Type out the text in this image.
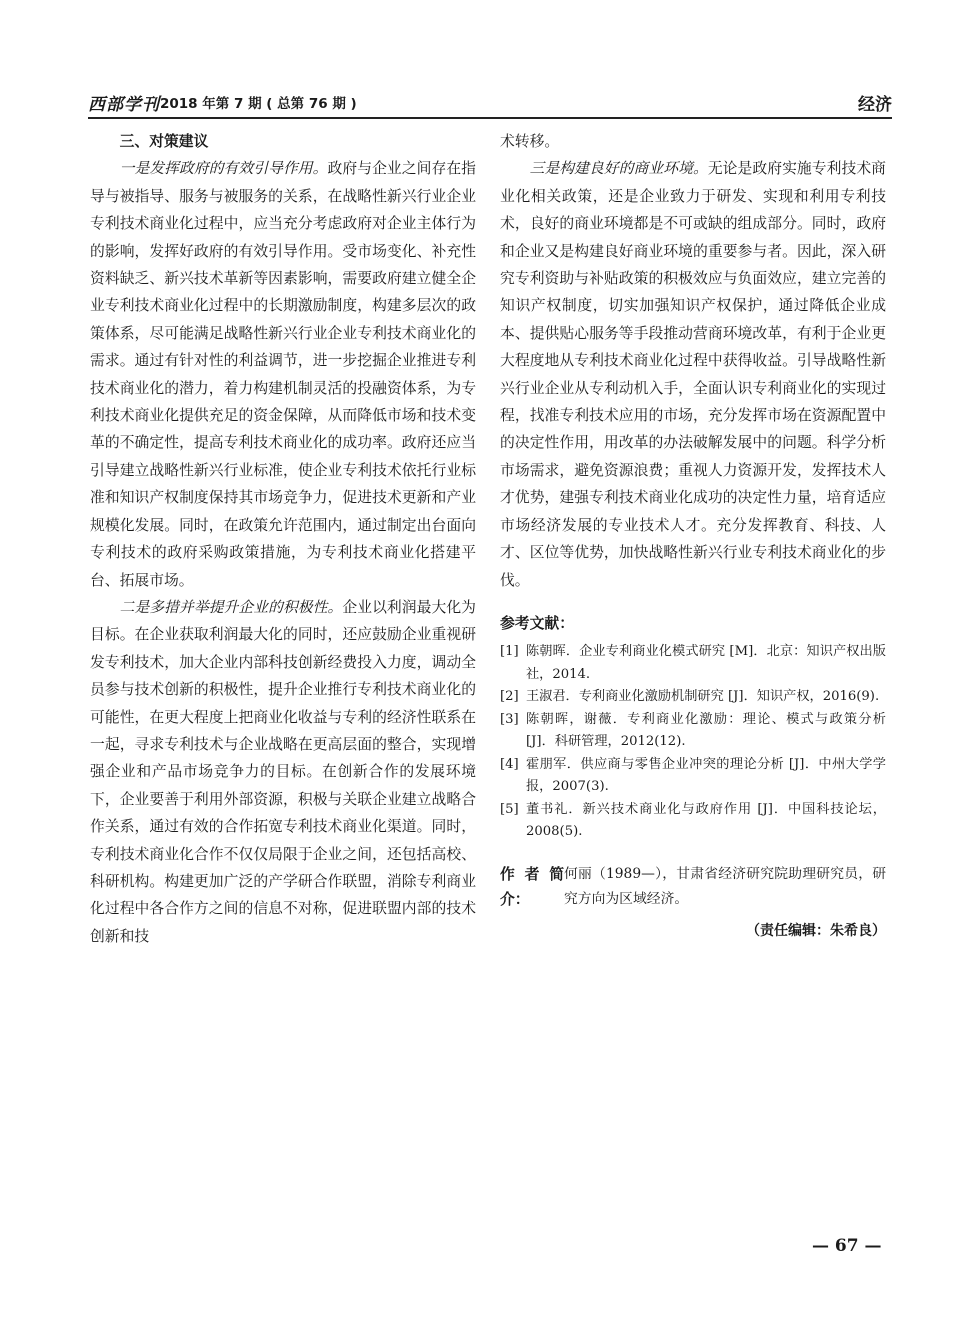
西部学刊 2018 年第 7 期 ( 总第 76 期 )	经济

三、对策建议

一是发挥政府的有效引导作用。政府与企业之间存在指导与被指导、服务与被服务的关系，在战略性新兴行业企业专利技术商业化过程中，应当充分考虑政府对企业主体行为的影响，发挥好政府的有效引导作用。受市场变化、补充性资料缺乏、新兴技术革新等因素影响，需要政府建立健全企业专利技术商业化过程中的长期激励制度，构建多层次的政策体系，尽可能满足战略性新兴行业企业专利技术商业化的需求。通过有针对性的利益调节，进一步挖掘企业推进专利技术商业化的潜力，着力构建机制灵活的投融资体系，为专利技术商业化提供充足的资金保障，从而降低市场和技术变革的不确定性，提高专利技术商业化的成功率。政府还应当引导建立战略性新兴行业标准，使企业专利技术依托行业标准和知识产权制度保持其市场竞争力，促进技术更新和产业规模化发展。同时，在政策允许范围内，通过制定出台面向专利技术的政府采购政策措施，为专利技术商业化搭建平台、拓展市场。

二是多措并举提升企业的积极性。企业以利润最大化为目标。在企业获取利润最大化的同时，还应鼓励企业重视研发专利技术，加大企业内部科技创新经费投入力度，调动全员参与技术创新的积极性，提升企业推行专利技术商业化的可能性，在更大程度上把商业化收益与专利的经济性联系在一起，寻求专利技术与企业战略在更高层面的整合，实现增强企业和产品市场竞争力的目标。在创新合作的发展环境下，企业要善于利用外部资源，积极与关联企业建立战略合作关系，通过有效的合作拓宽专利技术商业化渠道。同时，专利技术商业化合作不仅仅局限于企业之间，还包括高校、科研机构。构建更加广泛的产学研合作联盟，消除专利商业化过程中各合作方之间的信息不对称，促进联盟内部的技术创新和技

术转移。

三是构建良好的商业环境。无论是政府实施专利技术商业化相关政策，还是企业致力于研发、实现和利用专利技术，良好的商业环境都是不可或缺的组成部分。同时，政府和企业又是构建良好商业环境的重要参与者。因此，深入研究专利资助与补贴政策的积极效应与负面效应，建立完善的知识产权制度，切实加强知识产权保护，通过降低企业成本、提供贴心服务等手段推动营商环境改革，有利于企业更大程度地从专利技术商业化过程中获得收益。引导战略性新兴行业企业从专利动机入手，全面认识专利商业化的实现过程，找准专利技术应用的市场，充分发挥市场在资源配置中的决定性作用，用改革的办法破解发展中的问题。科学分析市场需求，避免资源浪费；重视人力资源开发，发挥技术人才优势，建强专利技术商业化成功的决定性力量，培育适应市场经济发展的专业技术人才。充分发挥教育、科技、人才、区位等优势，加快战略性新兴行业专利技术商业化的步伐。

参考文献：
[1] 陈朝晖．企业专利商业化模式研究 [M]．北京：知识产权出版社，2014.
[2] 王淑君．专利商业化激励机制研究 [J]．知识产权，2016(9).
[3] 陈朝晖，谢薇．专利商业化激励：理论、模式与政策分析 [J]．科研管理，2012(12).
[4] 霍朋军．供应商与零售企业冲突的理论分析 [J]．中州大学学报，2007(3).
[5] 董书礼．新兴技术商业化与政府作用 [J]．中国科技论坛，2008(5).
作者简介：
何丽（1989—），甘肃省经济研究院助理研究员，研究方向为区域经济。
（责任编辑：朱希良）
— 67 —
